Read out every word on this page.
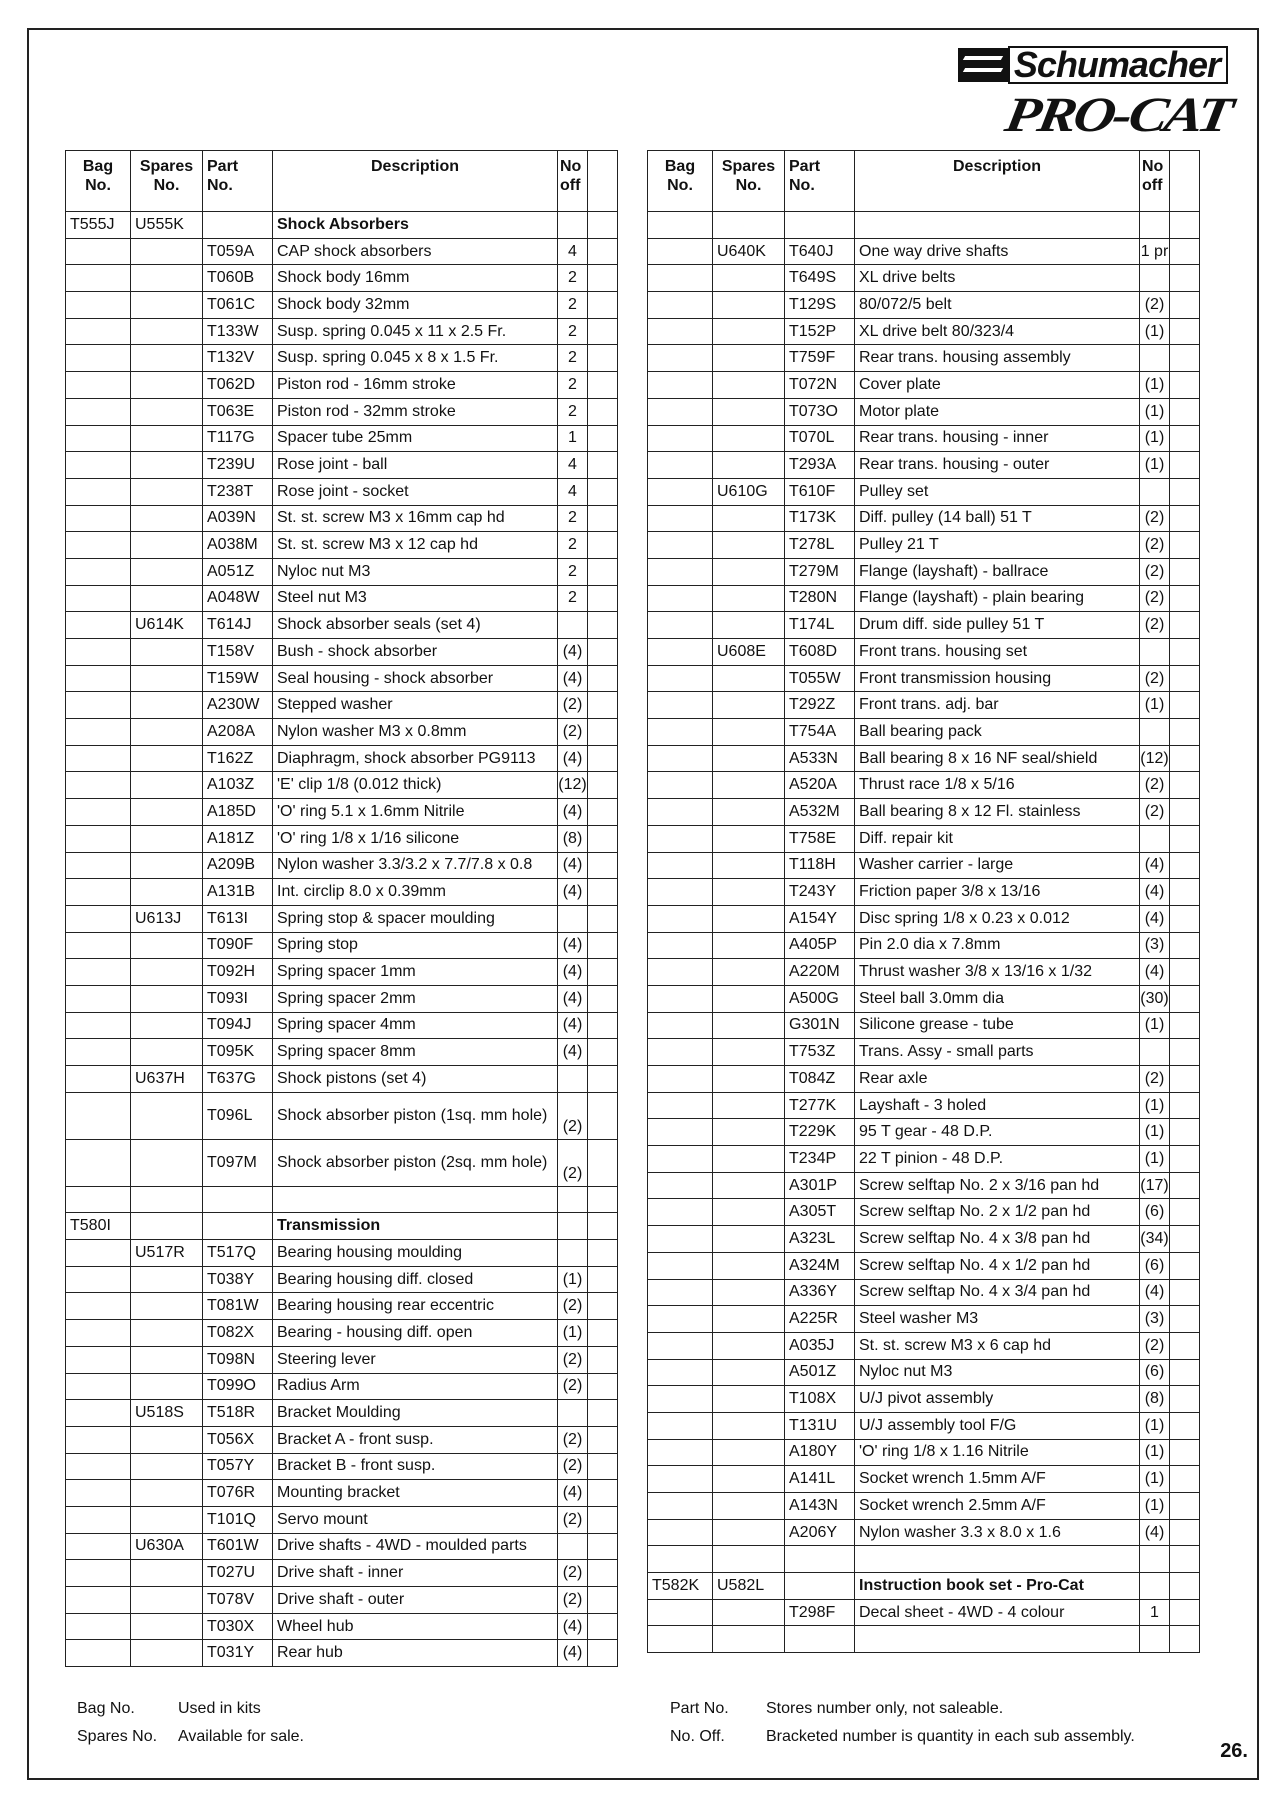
Schumacher
PRO-CAT
Bag No.	Spares No.	Part No.	Description	No off	
T555J	U555K		Shock Absorbers		
		T059A	CAP shock absorbers	4	
		T060B	Shock body 16mm	2	
		T061C	Shock body 32mm	2	
		T133W	Susp. spring 0.045 x 11 x 2.5 Fr.	2	
		T132V	Susp. spring 0.045 x 8 x 1.5 Fr.	2	
		T062D	Piston rod - 16mm stroke	2	
		T063E	Piston rod - 32mm stroke	2	
		T117G	Spacer tube 25mm	1	
		T239U	Rose joint - ball	4	
		T238T	Rose joint - socket	4	
		A039N	St. st. screw M3 x 16mm cap hd	2	
		A038M	St. st. screw M3 x 12 cap hd	2	
		A051Z	Nyloc nut M3	2	
		A048W	Steel nut M3	2	
	U614K	T614J	Shock absorber seals (set 4)		
		T158V	Bush - shock absorber	(4)	
		T159W	Seal housing - shock absorber	(4)	
		A230W	Stepped washer	(2)	
		A208A	Nylon washer M3 x 0.8mm	(2)	
		T162Z	Diaphragm, shock absorber PG9113	(4)	
		A103Z	'E' clip 1/8 (0.012 thick)	(12)	
		A185D	'O' ring 5.1 x 1.6mm Nitrile	(4)	
		A181Z	'O' ring 1/8 x 1/16 silicone	(8)	
		A209B	Nylon washer 3.3/3.2 x 7.7/7.8 x 0.8	(4)	
		A131B	Int. circlip 8.0 x 0.39mm	(4)	
	U613J	T613I	Spring stop & spacer moulding		
		T090F	Spring stop	(4)	
		T092H	Spring spacer 1mm	(4)	
		T093I	Spring spacer 2mm	(4)	
		T094J	Spring spacer 4mm	(4)	
		T095K	Spring spacer 8mm	(4)	
	U637H	T637G	Shock pistons (set 4)		
		T096L	Shock absorber piston (1sq. mm hole)	(2)	
		T097M	Shock absorber piston (2sq. mm hole)	(2)	

T580I			Transmission		
	U517R	T517Q	Bearing housing moulding		
		T038Y	Bearing housing diff. closed	(1)	
		T081W	Bearing housing rear eccentric	(2)	
		T082X	Bearing - housing diff. open	(1)	
		T098N	Steering lever	(2)	
		T099O	Radius Arm	(2)	
	U518S	T518R	Bracket Moulding		
		T056X	Bracket A - front susp.	(2)	
		T057Y	Bracket B - front susp.	(2)	
		T076R	Mounting bracket	(4)	
		T101Q	Servo mount	(2)	
	U630A	T601W	Drive shafts - 4WD - moulded parts		
		T027U	Drive shaft - inner	(2)	
		T078V	Drive shaft - outer	(2)	
		T030X	Wheel hub	(4)	
		T031Y	Rear hub	(4)	
Bag No.	Spares No.	Part No.	Description	No off	

	U640K	T640J	One way drive shafts	1 pr	
		T649S	XL drive belts		
		T129S	80/072/5 belt	(2)	
		T152P	XL drive belt 80/323/4	(1)	
		T759F	Rear trans. housing assembly		
		T072N	Cover plate	(1)	
		T073O	Motor plate	(1)	
		T070L	Rear trans. housing - inner	(1)	
		T293A	Rear trans. housing - outer	(1)	
	U610G	T610F	Pulley set		
		T173K	Diff. pulley (14 ball) 51 T	(2)	
		T278L	Pulley 21 T	(2)	
		T279M	Flange (layshaft) - ballrace	(2)	
		T280N	Flange (layshaft) - plain bearing	(2)	
		T174L	Drum diff. side pulley 51 T	(2)	
	U608E	T608D	Front trans. housing set		
		T055W	Front transmission housing	(2)	
		T292Z	Front trans. adj. bar	(1)	
		T754A	Ball bearing pack		
		A533N	Ball bearing 8 x 16 NF seal/shield	(12)	
		A520A	Thrust race 1/8 x 5/16	(2)	
		A532M	Ball bearing 8 x 12 Fl. stainless	(2)	
		T758E	Diff. repair kit		
		T118H	Washer carrier - large	(4)	
		T243Y	Friction paper 3/8 x 13/16	(4)	
		A154Y	Disc spring 1/8 x 0.23 x 0.012	(4)	
		A405P	Pin 2.0 dia x 7.8mm	(3)	
		A220M	Thrust washer 3/8 x 13/16 x 1/32	(4)	
		A500G	Steel ball 3.0mm dia	(30)	
		G301N	Silicone grease - tube	(1)	
		T753Z	Trans. Assy - small parts		
		T084Z	Rear axle	(2)	
		T277K	Layshaft - 3 holed	(1)	
		T229K	95 T gear - 48 D.P.	(1)	
		T234P	22 T pinion - 48 D.P.	(1)	
		A301P	Screw selftap No. 2 x 3/16 pan hd	(17)	
		A305T	Screw selftap No. 2 x 1/2 pan hd	(6)	
		A323L	Screw selftap No. 4 x 3/8 pan hd	(34)	
		A324M	Screw selftap No. 4 x 1/2 pan hd	(6)	
		A336Y	Screw selftap No. 4 x 3/4 pan hd	(4)	
		A225R	Steel washer M3	(3)	
		A035J	St. st. screw M3 x 6 cap hd	(2)	
		A501Z	Nyloc nut M3	(6)	
		T108X	U/J pivot assembly	(8)	
		T131U	U/J assembly tool F/G	(1)	
		A180Y	'O' ring 1/8 x 1.16 Nitrile	(1)	
		A141L	Socket wrench 1.5mm A/F	(1)	
		A143N	Socket wrench 2.5mm A/F	(1)	
		A206Y	Nylon washer 3.3 x 8.0 x 1.6	(4)	

T582K	U582L		Instruction book set - Pro-Cat		
		T298F	Decal sheet - 4WD - 4 colour	1	

Bag No.	Used in kits
Spares No. Available for sale.
Part No. Stores number only, not saleable.
No. Off.	Bracketed number is quantity in each sub assembly.
26.
